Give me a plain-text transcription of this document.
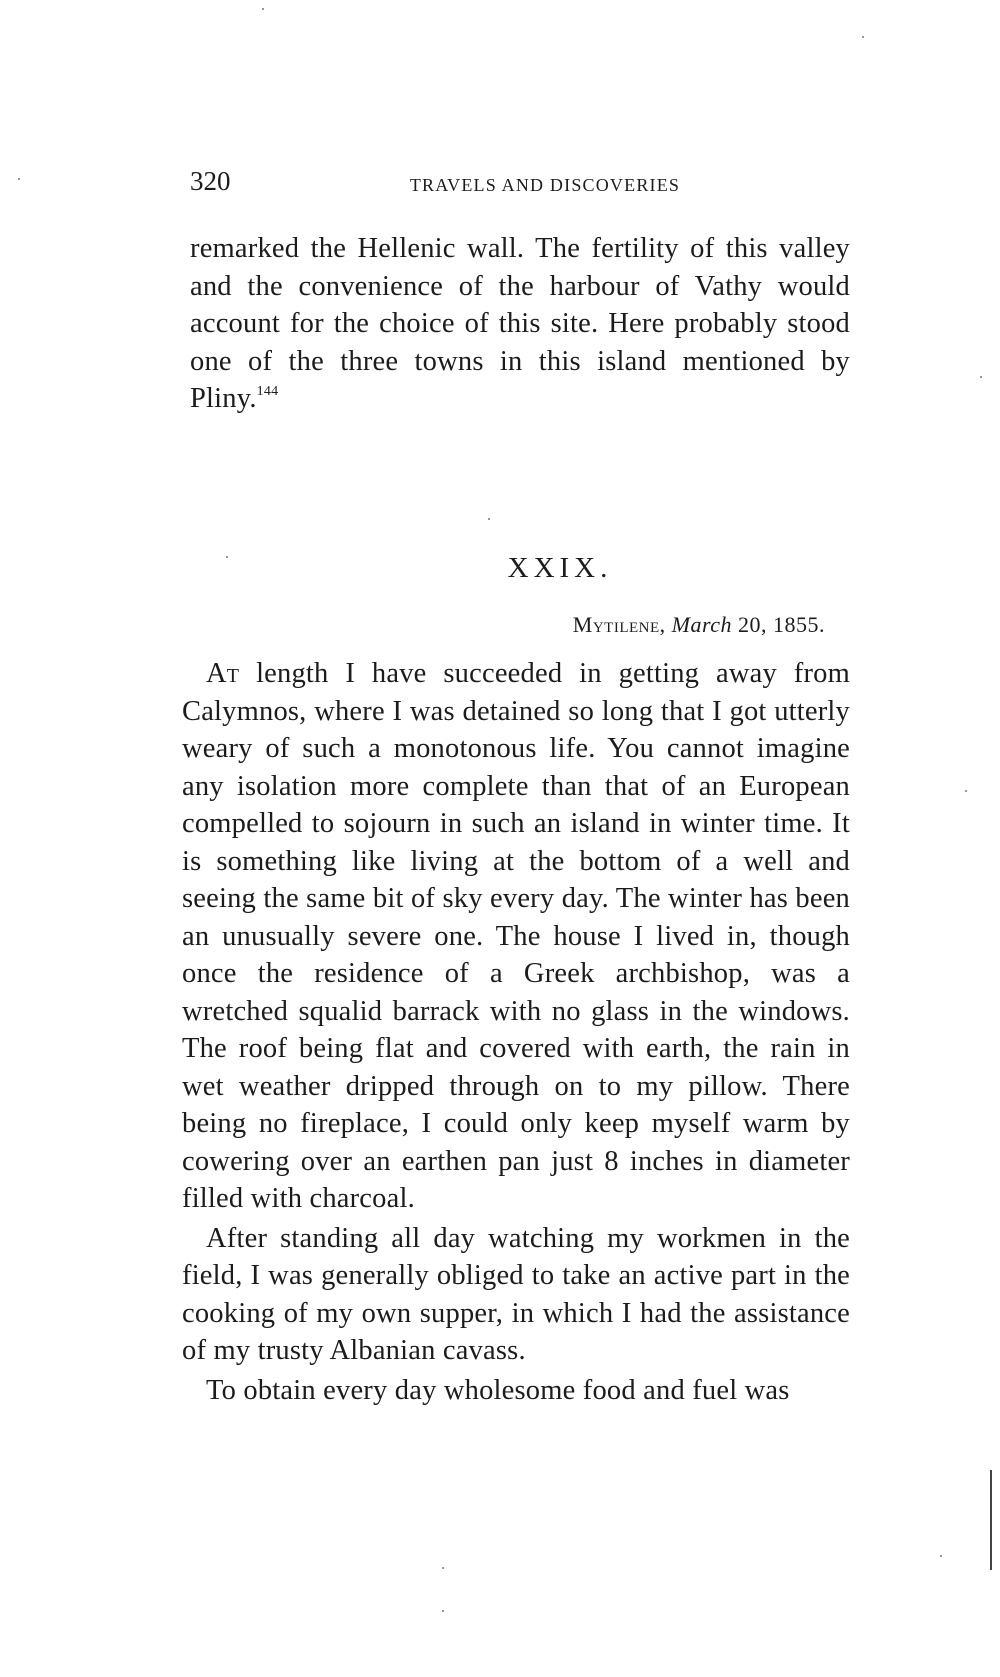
320	TRAVELS AND DISCOVERIES

remarked the Hellenic wall. The fertility of this valley and the convenience of the harbour of Vathy would account for the choice of this site. Here probably stood one of the three towns in this island mentioned by Pliny.$^{144}$

XXIX.
Mytilene, March 20, 1855.

At length I have succeeded in getting away from Calymnos, where I was detained so long that I got utterly weary of such a monotonous life. You cannot imagine any isolation more complete than that of an European compelled to sojourn in such an island in winter time. It is something like living at the bottom of a well and seeing the same bit of sky every day. The winter has been an unusually severe one. The house I lived in, though once the residence of a Greek archbishop, was a wretched squalid barrack with no glass in the windows. The roof being flat and covered with earth, the rain in wet weather dripped through on to my pillow. There being no fireplace, I could only keep myself warm by cowering over an earthen pan just 8 inches in diameter filled with charcoal.

After standing all day watching my workmen in the field, I was generally obliged to take an active part in the cooking of my own supper, in which I had the assistance of my trusty Albanian cavass.

To obtain every day wholesome food and fuel was
